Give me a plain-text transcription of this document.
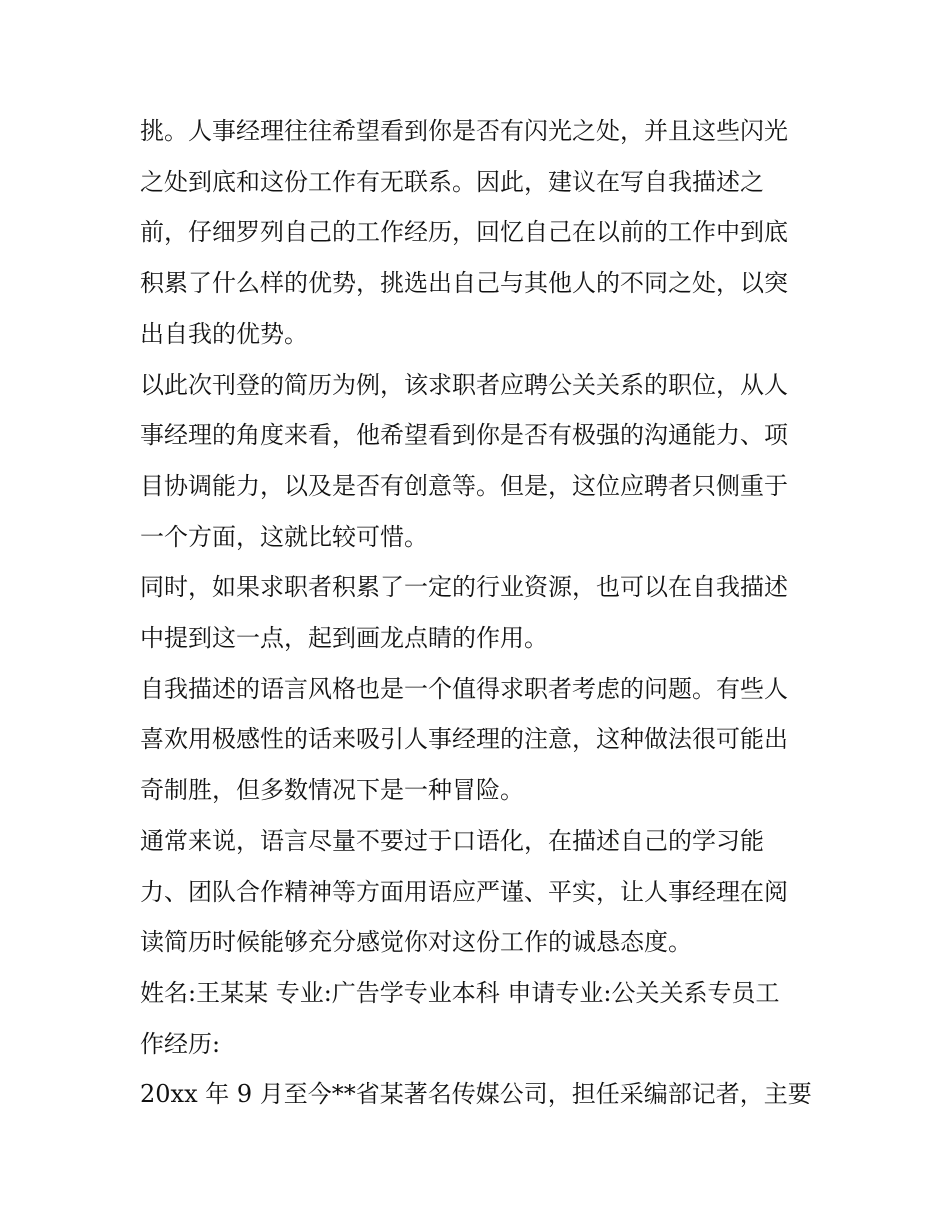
挑。人事经理往往希望看到你是否有闪光之处，并且这些闪光
之处到底和这份工作有无联系。因此，建议在写自我描述之
前，仔细罗列自己的工作经历，回忆自己在以前的工作中到底
积累了什么样的优势，挑选出自己与其他人的不同之处，以突
出自我的优势。

以此次刊登的简历为例，该求职者应聘公关关系的职位，从人
事经理的角度来看，他希望看到你是否有极强的沟通能力、项
目协调能力，以及是否有创意等。但是，这位应聘者只侧重于
一个方面，这就比较可惜。

同时，如果求职者积累了一定的行业资源，也可以在自我描述
中提到这一点，起到画龙点睛的作用。

自我描述的语言风格也是一个值得求职者考虑的问题。有些人
喜欢用极感性的话来吸引人事经理的注意，这种做法很可能出
奇制胜，但多数情况下是一种冒险。

通常来说，语言尽量不要过于口语化，在描述自己的学习能
力、团队合作精神等方面用语应严谨、平实，让人事经理在阅
读简历时候能够充分感觉你对这份工作的诚恳态度。

姓名:王某某 专业:广告学专业本科 申请专业:公关关系专员工
作经历:

20xx 年 9 月至今**省某著名传媒公司，担任采编部记者，主要
